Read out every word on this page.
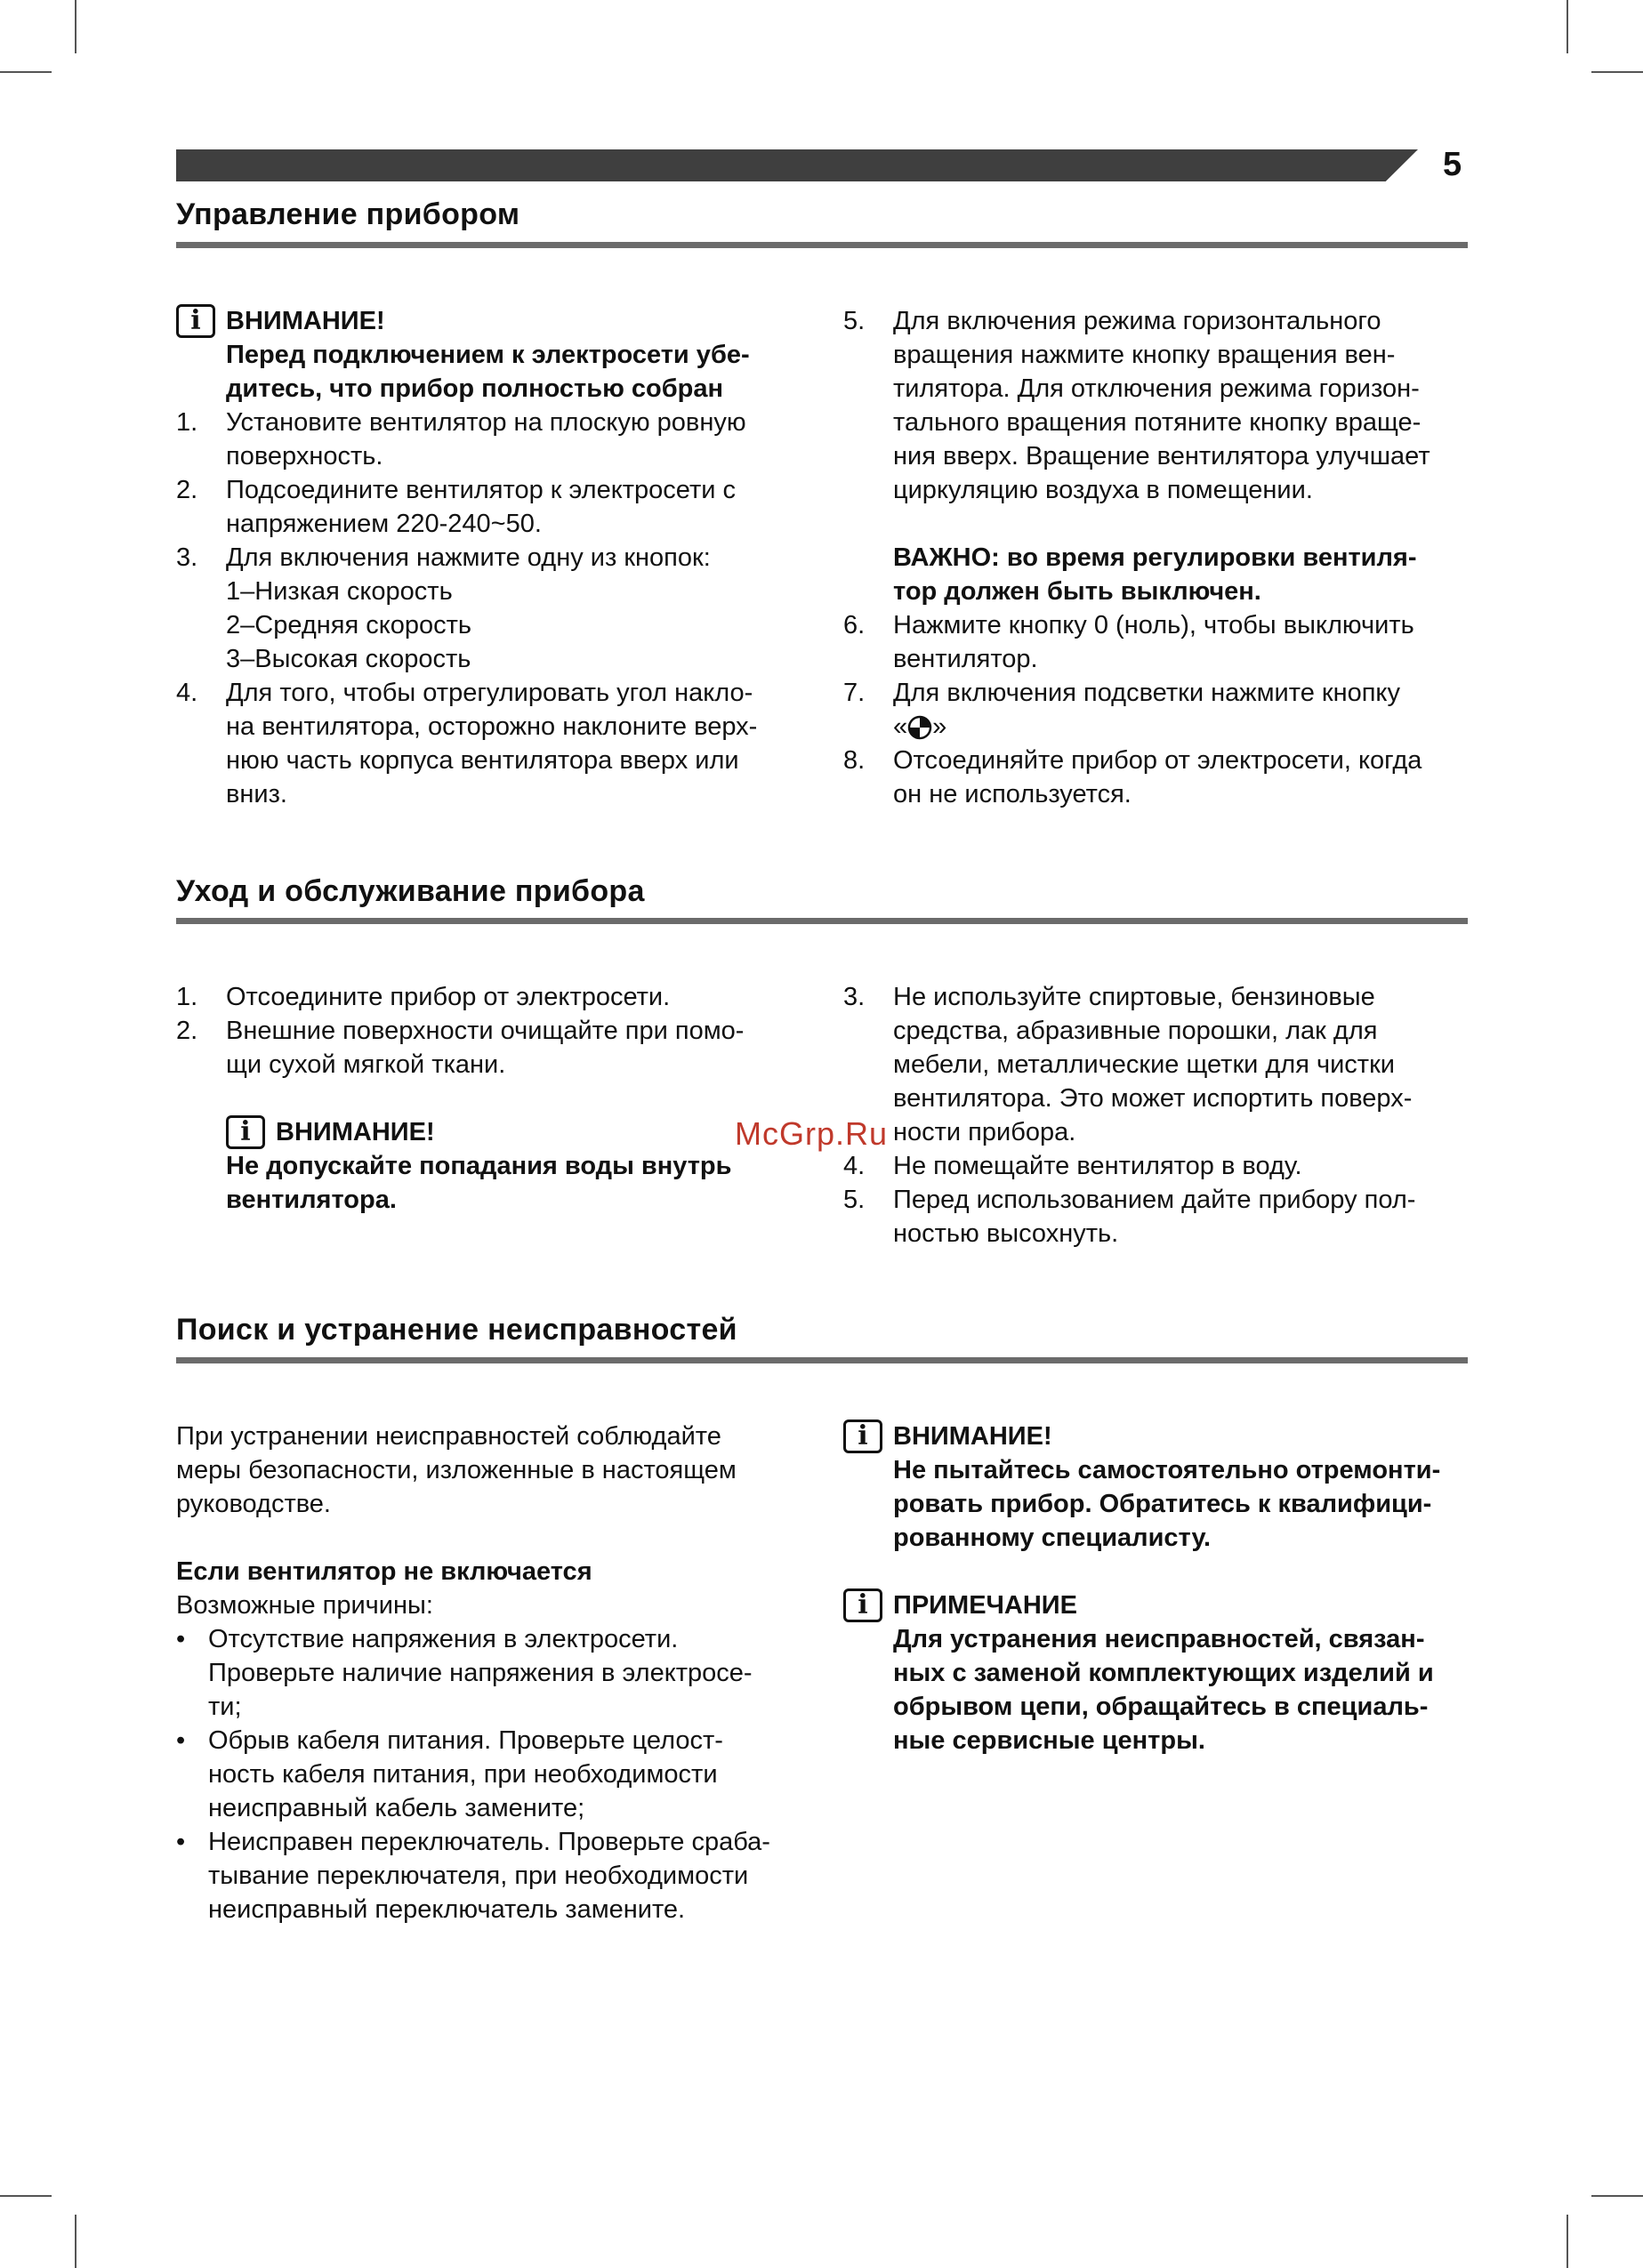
5
Управление прибором
i ВНИМАНИЕ!

Перед подключением к электросети убе-

дитесь, что прибор полностью собран

1. Установите вентилятор на плоскую ровную

поверхность.

2. Подсоедините вентилятор к электросети с

напряжением 220-240~50.

3. Для включения нажмите одну из кнопок:

1–Низкая скорость

2–Средняя скорость

3–Высокая скорость

4. Для того, чтобы отрегулировать угол накло-

на вентилятора, осторожно наклоните верх-

нюю часть корпуса вентилятора вверх или

вниз.

5. Для включения режима горизонтального

вращения нажмите кнопку вращения вен-

тилятора. Для отключения режима горизон-

тального вращения потяните кнопку враще-

ния вверх. Вращение вентилятора улучшает

циркуляцию воздуха в помещении.

ВАЖНО: во время регулировки вентиля-

тор должен быть выключен.

6. Нажмите кнопку 0 (ноль), чтобы выключить

вентилятор.

7. Для включения подсветки нажмите кнопку

« »

8. Отсоединяйте прибор от электросети, когда

он не используется.

Уход и обслуживание прибора
1. Отсоедините прибор от электросети.

2. Внешние поверхности очищайте при помо-

щи сухой мягкой ткани.

i ВНИМАНИЕ!

Не допускайте попадания воды внутрь

вентилятора.

3. Не используйте спиртовые, бензиновые

средства, абразивные порошки, лак для

мебели, металлические щетки для чистки

вентилятора. Это может испортить поверх-

ности прибора.

4. Не помещайте вентилятор в воду.

5. Перед использованием дайте прибору пол-

ностью высохнуть.

McGrp.Ru
Поиск и устранение неисправностей

При устранении неисправностей соблюдайте

меры безопасности, изложенные в настоящем

руководстве.

Если вентилятор не включается

Возможные причины:

• Отсутствие напряжения в электросети.

Проверьте наличие напряжения в электросе-

ти;

• Обрыв кабеля питания. Проверьте целост-

ность кабеля питания, при необходимости

неисправный кабель замените;

• Неисправен переключатель. Проверьте сраба-

тывание переключателя, при необходимости

неисправный переключатель замените.

i ВНИМАНИЕ!

Не пытайтесь самостоятельно отремонти-

ровать прибор. Обратитесь к квалифици-

рованному специалисту.

i ПРИМЕЧАНИЕ

Для устранения неисправностей, связан-

ных с заменой комплектующих изделий и

обрывом цепи, обращайтесь в специаль-

ные сервисные центры.
